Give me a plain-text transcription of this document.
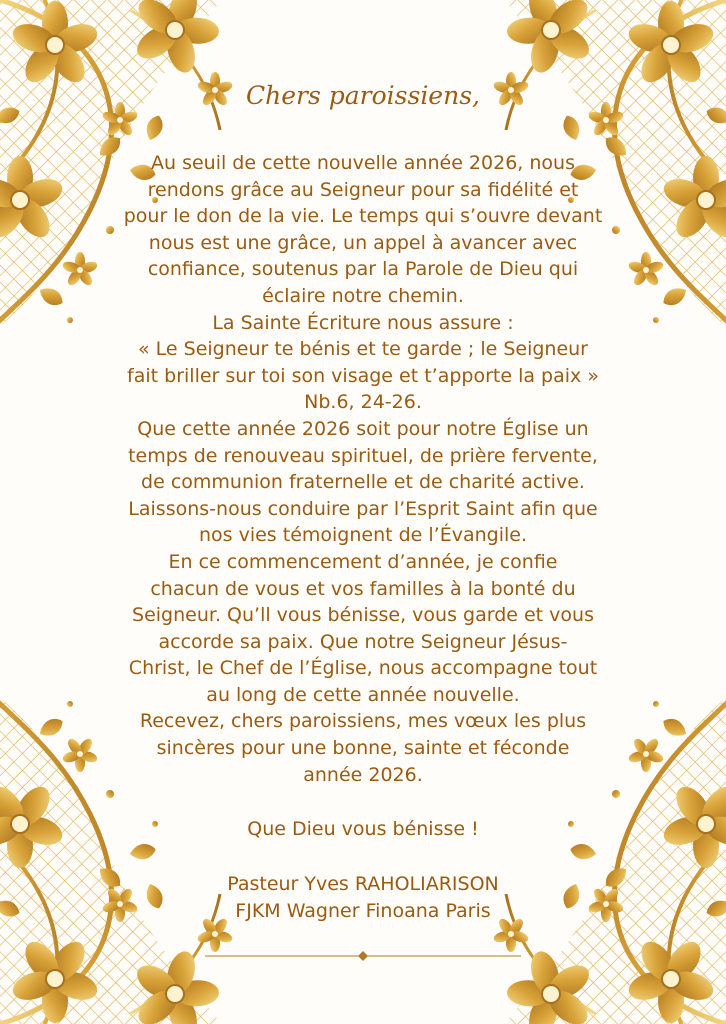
Chers paroissiens,

Au seuil de cette nouvelle année 2026, nous
rendons grâce au Seigneur pour sa fidélité et
pour le don de la vie. Le temps qui s’ouvre devant
nous est une grâce, un appel à avancer avec
confiance, soutenus par la Parole de Dieu qui
éclaire notre chemin.

La Sainte Écriture nous assure :
« Le Seigneur te bénis et te garde ; le Seigneur
fait briller sur toi son visage et t’apporte la paix »
Nb.6, 24-26.

Que cette année 2026 soit pour notre Église un
temps de renouveau spirituel, de prière fervente,
de communion fraternelle et de charité active.
Laissons-nous conduire par l’Esprit Saint afin que
nos vies témoignent de l’Évangile.

En ce commencement d’année, je confie
chacun de vous et vos familles à la bonté du
Seigneur. Qu’ll vous bénisse, vous garde et vous
accorde sa paix. Que notre Seigneur Jésus-
Christ, le Chef de l’Église, nous accompagne tout
au long de cette année nouvelle.

Recevez, chers paroissiens, mes vœux les plus
sincères pour une bonne, sainte et féconde
année 2026.

Que Dieu vous bénisse !

Pasteur Yves RAHOLIARISON

FJKM Wagner Finoana Paris
